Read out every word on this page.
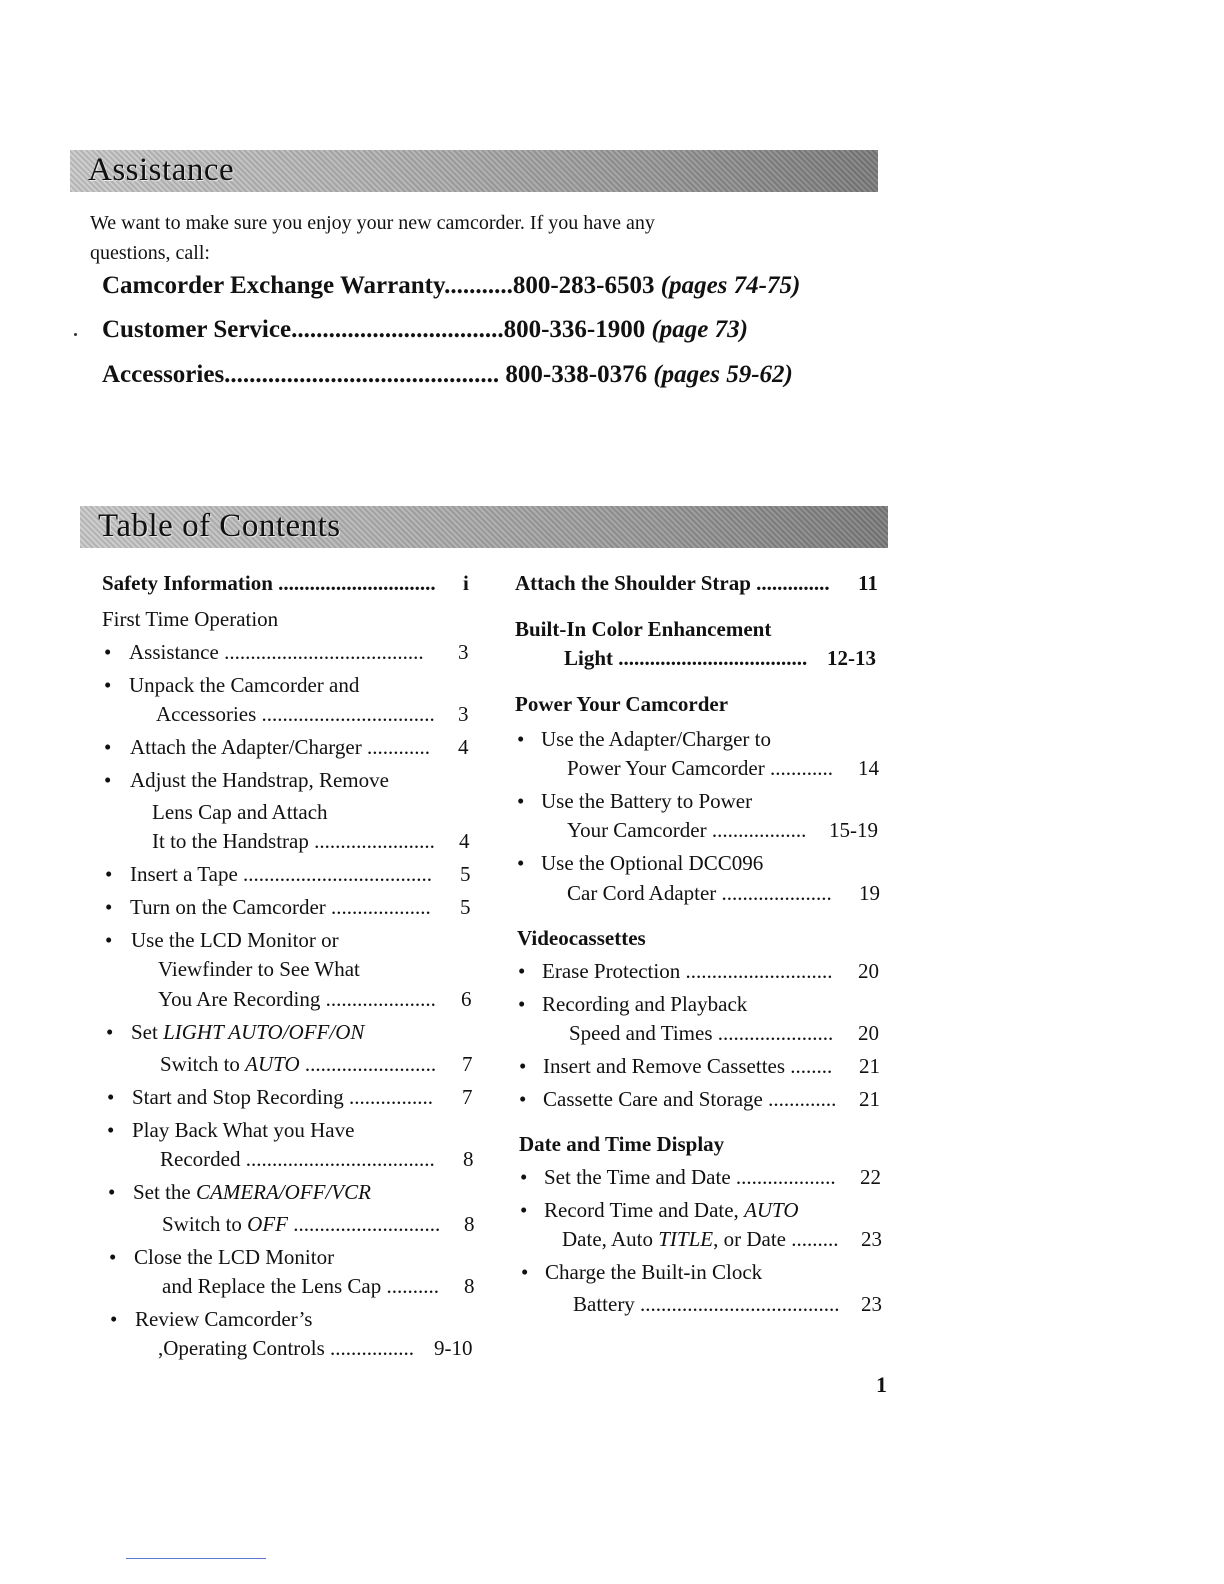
Assistance
We want to make sure you enjoy your new camcorder. If you have any
questions, call:
Camcorder Exchange Warranty...........800-283-6503 (pages 74-75)
Customer Service..................................800-336-1900 (page 73)
Accessories............................................ 800-338-0376 (pages 59-62)
Table of Contents
Safety Information .............................. i
First Time Operation
• Assistance ...................................... 3
• Unpack the Camcorder and
Accessories ................................. 3
• Attach the Adapter/Charger ............ 4
• Adjust the Handstrap, Remove
Lens Cap and Attach
It to the Handstrap ....................... 4
• Insert a Tape .................................... 5
• Turn on the Camcorder ................... 5
• Use the LCD Monitor or
Viewfinder to See What
You Are Recording ..................... 6
• Set LIGHT AUTO/OFF/ON
Switch to AUTO ......................... 7
• Start and Stop Recording ................ 7
• Play Back What you Have
Recorded .................................... 8
• Set the CAMERA/OFF/VCR
Switch to OFF ............................ 8
• Close the LCD Monitor
and Replace the Lens Cap .......... 8
• Review Camcorder’s
,Operating Controls ................ 9-10
Attach the Shoulder Strap .............. 11
Built-In Color Enhancement
Light .................................... 12-13
Power Your Camcorder
• Use the Adapter/Charger to
Power Your Camcorder ............ 14
• Use the Battery to Power
Your Camcorder .................. 15-19
• Use the Optional DCC096
Car Cord Adapter ..................... 19
Videocassettes
• Erase Protection ............................ 20
• Recording and Playback
Speed and Times ...................... 20
• Insert and Remove Cassettes ........ 21
• Cassette Care and Storage ............. 21
Date and Time Display
• Set the Time and Date ................... 22
• Record Time and Date, AUTO
Date, Auto TITLE, or Date ......... 23
• Charge the Built-in Clock
Battery ...................................... 23
1
